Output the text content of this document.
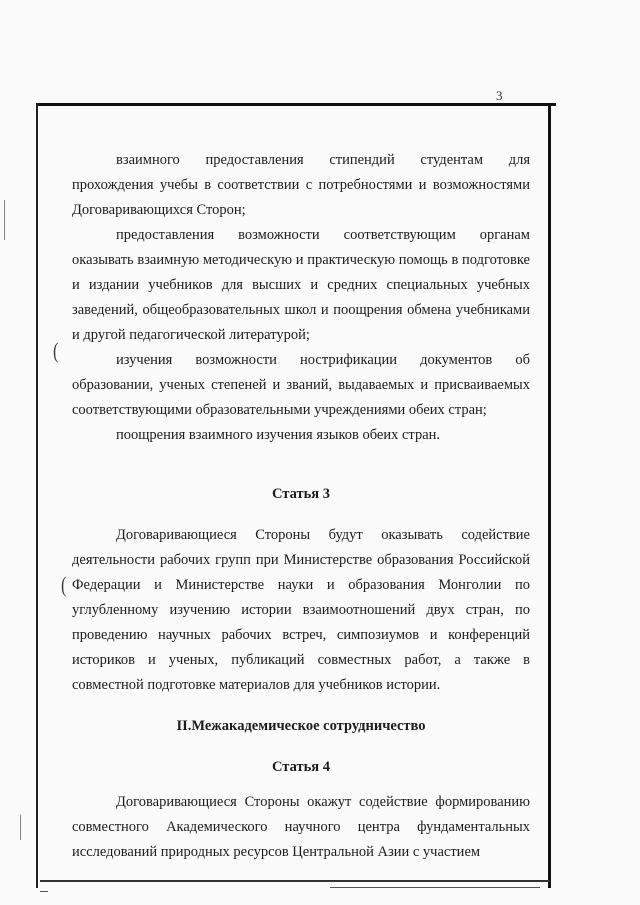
3
(
(

взаимного предоставления стипендий студентам для

прохождения учебы в соответствии с потребностями и возможностями Договаривающихся Сторон;

предоставления возможности соответствующим органам оказывать взаимную методическую и практическую помощь в подготовке и издании учебников для высших и средних специальных учебных заведений, общеобразовательных школ и поощрения обмена учебниками и другой педагогической литературой;

изучения возможности нострификации документов об образовании, ученых степеней и званий, выдаваемых и присваиваемых соответствующими образовательными учреждениями обеих стран;

поощрения взаимного изучения языков обеих стран.

Статья 3

Договаривающиеся Стороны будут оказывать содействие деятельности рабочих групп при Министерстве образования Российской Федерации и Министерстве науки и образования Монголии по углубленному изучению истории взаимоотношений двух стран, по проведению научных рабочих встреч, симпозиумов и конференций историков и ученых, публикаций совместных работ, а также в совместной подготовке материалов для учебников истории.

II.Межакадемическое сотрудничество

Статья 4

Договаривающиеся Стороны окажут содействие формированию совместного Академического научного центра фундаментальных исследований природных ресурсов Центральной Азии с участием
